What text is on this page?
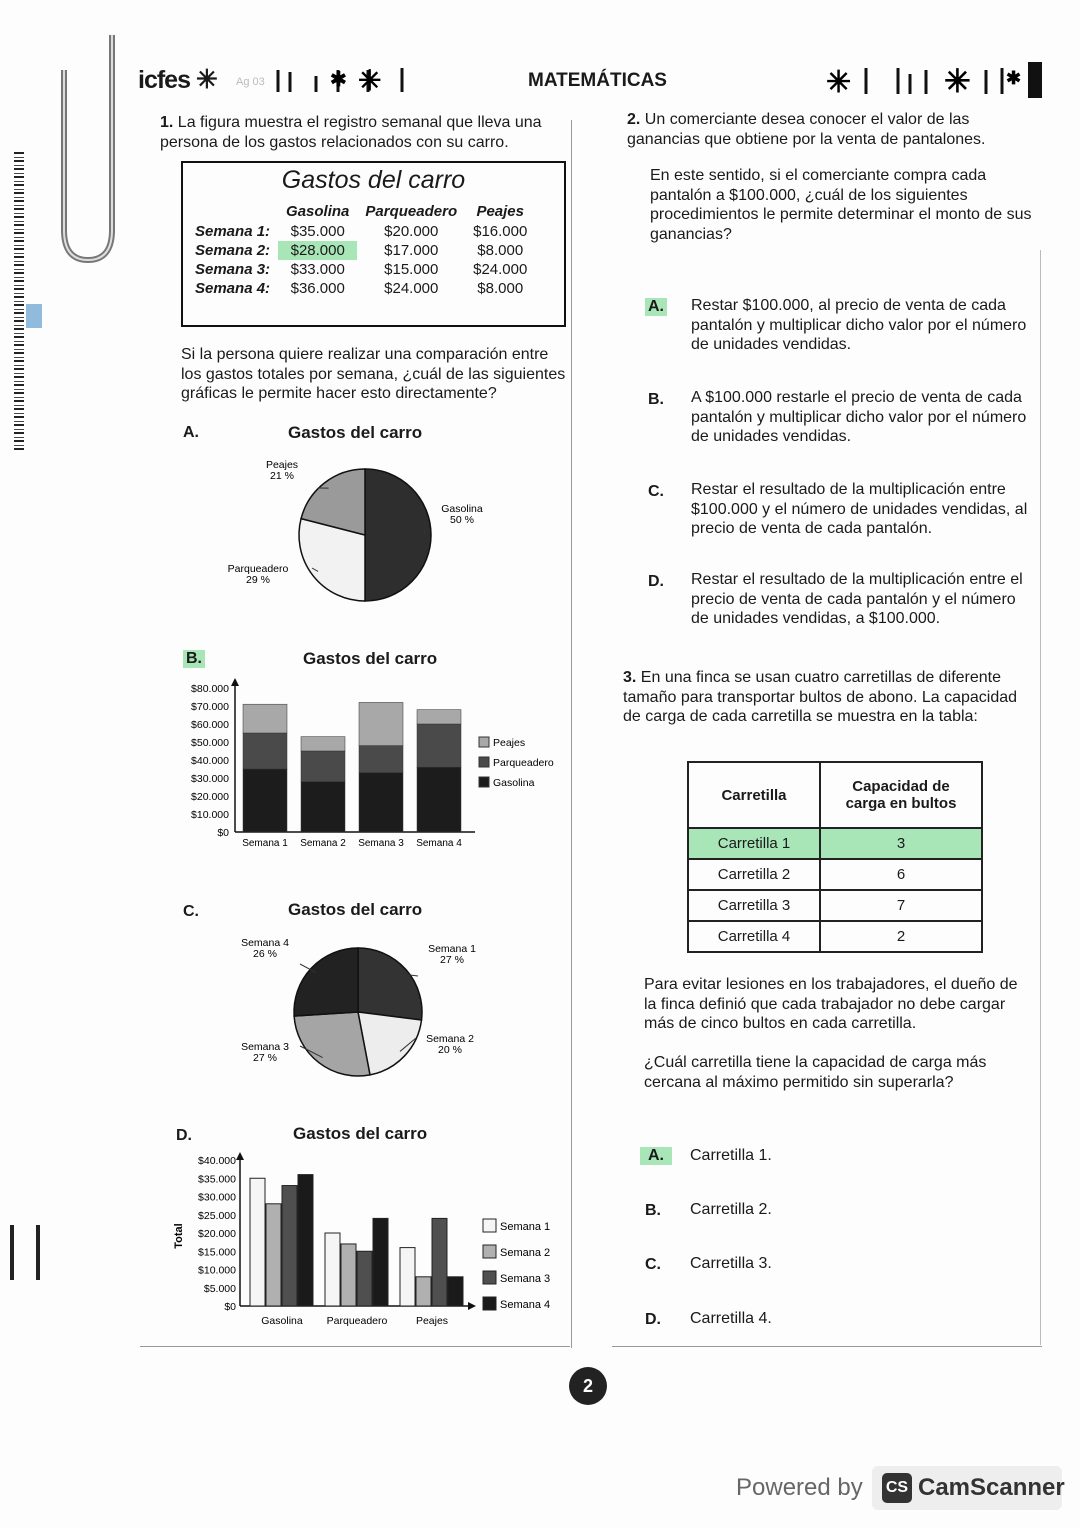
icfes ✳ Ag 03	✱ ✳	MATEMÁTICAS	✳	✳ ✱
1. La figura muestra el registro semanal que lleva una persona de los gastos relacionados con su carro.
Gastos del carro
	Gasolina	Parqueadero	Peajes
Semana 1:	$35.000	$20.000	$16.000
Semana 2:	$28.000	$17.000	$8.000
Semana 3:	$33.000	$15.000	$24.000
Semana 4:	$36.000	$24.000	$8.000
Si la persona quiere realizar una comparación entre los gastos totales por semana, ¿cuál de las siguientes gráficas le permite hacer esto directamente?
A.	Gastos del carro
Gasolina
50 %
Parqueadero
29 %
Peajes
21 %
B.	Gastos del carro
$0
$10.000
$20.000
$30.000
$40.000
$50.000
$60.000
$70.000
$80.000
Semana 1 Semana 2 Semana 3 Semana 4
Peajes
Parqueadero
Gasolina
C.	Gastos del carro
Semana 1
27 %
Semana 2
20 %
Semana 3
27 %
Semana 4
26 %
D.	Gastos del carro
Total
$0
$5.000
$10.000
$15.000
$20.000
$25.000
$30.000
$35.000
$40.000
Gasolina Parqueadero	Peajes
Semana 1
Semana 2
Semana 3
Semana 4
2. Un comerciante desea conocer el valor de las ganancias que obtiene por la venta de pantalones.
En este sentido, si el comerciante compra cada pantalón a $100.000, ¿cuál de los siguientes procedimientos le permite determinar el monto de sus ganancias?
A. Restar $100.000, al precio de venta de cada pantalón y multiplicar dicho valor por el número de unidades vendidas.
B. A $100.000 restarle el precio de venta de cada pantalón y multiplicar dicho valor por el número de unidades vendidas.
C. Restar el resultado de la multiplicación entre $100.000 y el número de unidades vendidas, al precio de venta de cada pantalón.
D. Restar el resultado de la multiplicación entre el precio de venta de cada pantalón y el número de unidades vendidas, a $100.000.
3. En una finca se usan cuatro carretillas de diferente tamaño para transportar bultos de abono. La capacidad de carga de cada carretilla se muestra en la tabla:
Carretilla	Capacidad de carga en bultos
Carretilla 1	3
Carretilla 2	6
Carretilla 3	7
Carretilla 4	2
Para evitar lesiones en los trabajadores, el dueño de la finca definió que cada trabajador no debe cargar más de cinco bultos en cada carretilla.
¿Cuál carretilla tiene la capacidad de carga más cercana al máximo permitido sin superarla?
A.	Carretilla 1.
B. Carretilla 2.
C. Carretilla 3.
D. Carretilla 4.
2
Powered by CS CamScanner
